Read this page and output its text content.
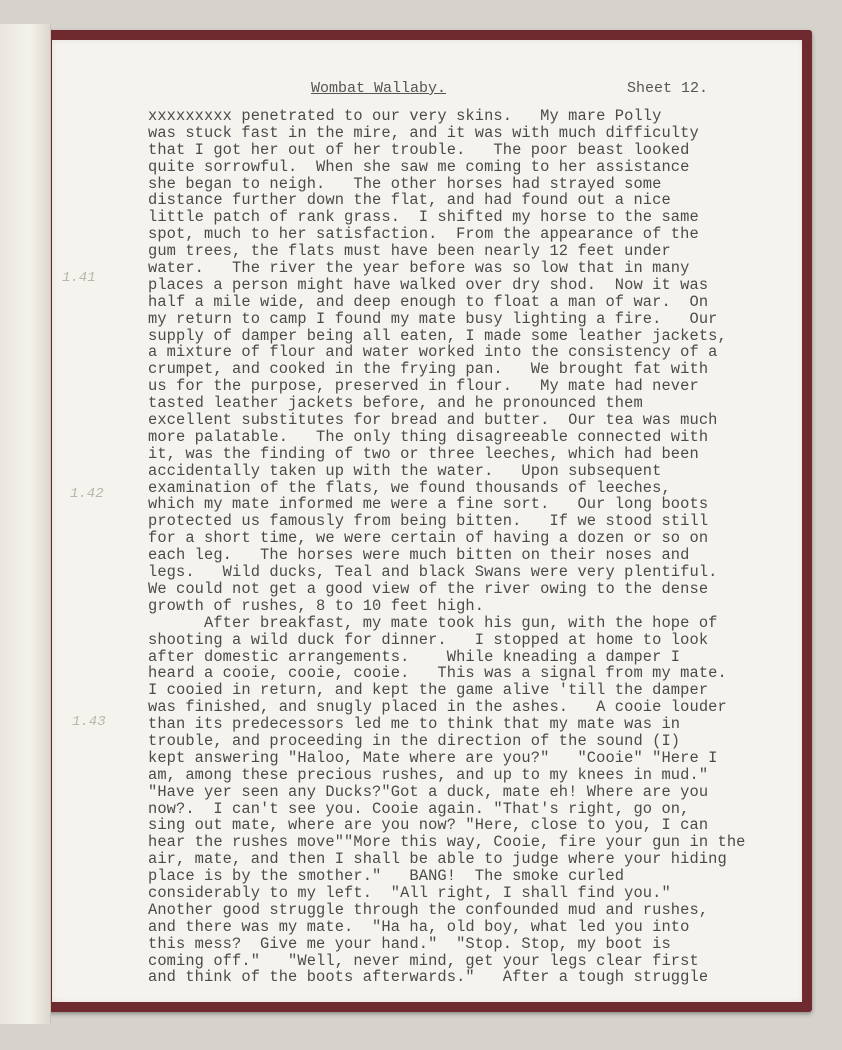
Wombat Wallaby.	Sheet 12.
1.41
1.42
1.43
xxxxxxxxx penetrated to our very skins.   My mare Polly
was stuck fast in the mire, and it was with much difficulty
that I got her out of her trouble.   The poor beast looked
quite sorrowful.  When she saw me coming to her assistance
she began to neigh.   The other horses had strayed some
distance further down the flat, and had found out a nice
little patch of rank grass.  I shifted my horse to the same
spot, much to her satisfaction.  From the appearance of the
gum trees, the flats must have been nearly 12 feet under
water.   The river the year before was so low that in many
places a person might have walked over dry shod.  Now it was
half a mile wide, and deep enough to float a man of war.  On
my return to camp I found my mate busy lighting a fire.   Our
supply of damper being all eaten, I made some leather jackets,
a mixture of flour and water worked into the consistency of a
crumpet, and cooked in the frying pan.   We brought fat with
us for the purpose, preserved in flour.   My mate had never
tasted leather jackets before, and he pronounced them
excellent substitutes for bread and butter.  Our tea was much
more palatable.   The only thing disagreeable connected with
it, was the finding of two or three leeches, which had been
accidentally taken up with the water.   Upon subsequent
examination of the flats, we found thousands of leeches,
which my mate informed me were a fine sort.   Our long boots
protected us famously from being bitten.   If we stood still
for a short time, we were certain of having a dozen or so on
each leg.   The horses were much bitten on their noses and
legs.   Wild ducks, Teal and black Swans were very plentiful.
We could not get a good view of the river owing to the dense
growth of rushes, 8 to 10 feet high.
After breakfast, my mate took his gun, with the hope of
shooting a wild duck for dinner.   I stopped at home to look
after domestic arrangements.    While kneading a damper I
heard a cooie, cooie, cooie.   This was a signal from my mate.
I cooied in return, and kept the game alive 'till the damper
was finished, and snugly placed in the ashes.   A cooie louder
than its predecessors led me to think that my mate was in
trouble, and proceeding in the direction of the sound (I)
kept answering "Haloo, Mate where are you?"   "Cooie" "Here I
am, among these precious rushes, and up to my knees in mud."
"Have yer seen any Ducks?"Got a duck, mate eh! Where are you
now?.  I can't see you. Cooie again. "That's right, go on,
sing out mate, where are you now? "Here, close to you, I can
hear the rushes move""More this way, Cooie, fire your gun in the
air, mate, and then I shall be able to judge where your hiding
place is by the smother."   BANG!  The smoke curled
considerably to my left.  "All right, I shall find you."
Another good struggle through the confounded mud and rushes,
and there was my mate.  "Ha ha, old boy, what led you into
this mess?  Give me your hand."  "Stop. Stop, my boot is
coming off."   "Well, never mind, get your legs clear first
and think of the boots afterwards."   After a tough struggle
